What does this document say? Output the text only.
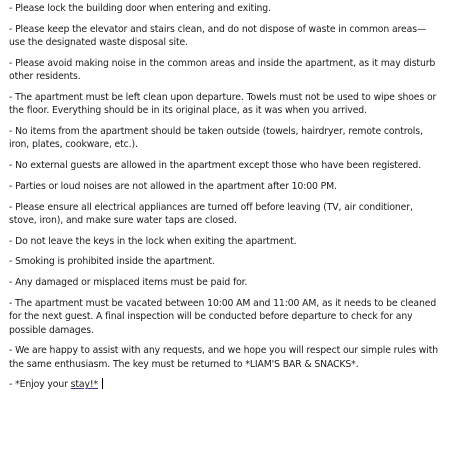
- Please lock the building door when entering and exiting.

- Please keep the elevator and stairs clean, and do not dispose of waste in common areas—use the designated waste disposal site.

- Please avoid making noise in the common areas and inside the apartment, as it may disturb other residents.

- The apartment must be left clean upon departure. Towels must not be used to wipe shoes or the floor. Everything should be in its original place, as it was when you arrived.

- No items from the apartment should be taken outside (towels, hairdryer, remote controls, iron, plates, cookware, etc.).

- No external guests are allowed in the apartment except those who have been registered.

- Parties or loud noises are not allowed in the apartment after 10:00 PM.

- Please ensure all electrical appliances are turned off before leaving (TV, air conditioner, stove, iron), and make sure water taps are closed.

- Do not leave the keys in the lock when exiting the apartment.

- Smoking is prohibited inside the apartment.

- Any damaged or misplaced items must be paid for.

- The apartment must be vacated between 10:00 AM and 11:00 AM, as it needs to be cleaned for the next guest. A final inspection will be conducted before departure to check for any possible damages.

- We are happy to assist with any requests, and we hope you will respect our simple rules with the same enthusiasm. The key must be returned to *LIAM'S BAR & SNACKS*.

- *Enjoy your stay!*
